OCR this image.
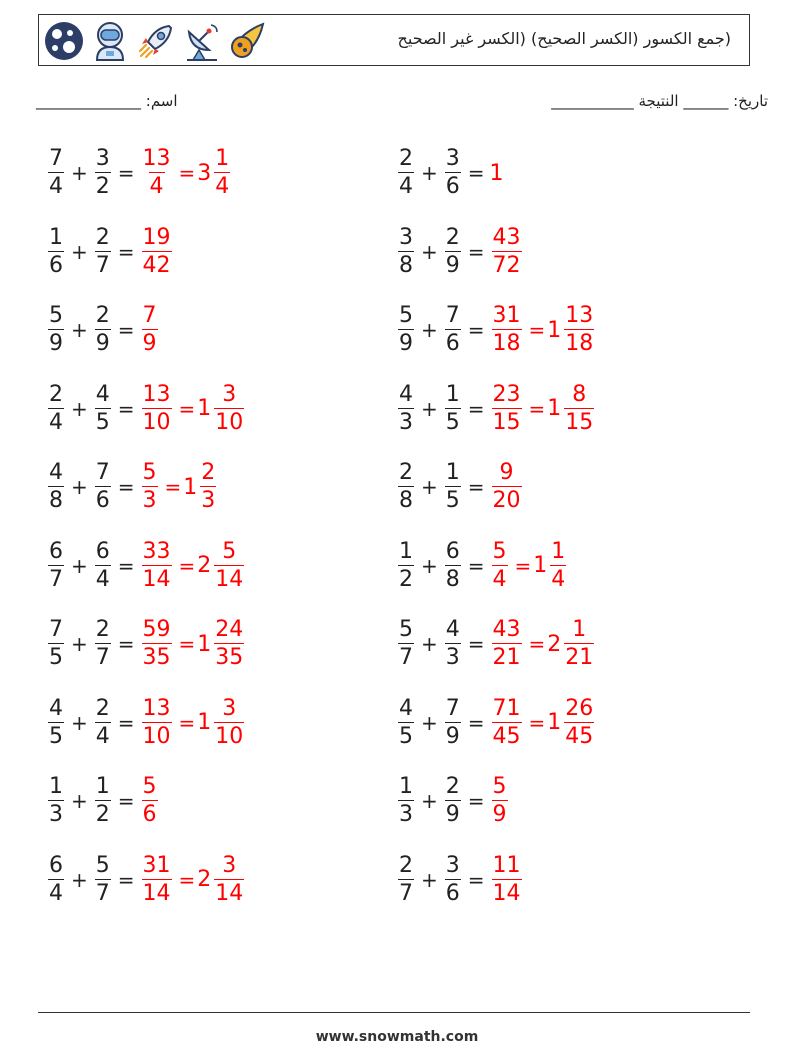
(جمع الكسور (الكسر الصحيح) (الكسر غير الصحيح
اسم: ______________	تاريخ: ______ النتيجة ___________
$\frac{7}{4} + \frac{3}{2} = \frac{13}{4} = 3 \frac{1}{4}$	$\frac{2}{4} + \frac{3}{6} = 1$
$\frac{1}{6} + \frac{2}{7} = \frac{19}{42}$	$\frac{3}{8} + \frac{2}{9} = \frac{43}{72}$
$\frac{5}{9} + \frac{2}{9} = \frac{7}{9}$	$\frac{5}{9} + \frac{7}{6} = \frac{31}{18} = 1 \frac{13}{18}$
$\frac{2}{4} + \frac{4}{5} = \frac{13}{10} = 1 \frac{3}{10}$	$\frac{4}{3} + \frac{1}{5} = \frac{23}{15} = 1 \frac{8}{15}$
$\frac{4}{8} + \frac{7}{6} = \frac{5}{3} = 1 \frac{2}{3}$	$\frac{2}{8} + \frac{1}{5} = \frac{9}{20}$
$\frac{6}{7} + \frac{6}{4} = \frac{33}{14} = 2 \frac{5}{14}$	$\frac{1}{2} + \frac{6}{8} = \frac{5}{4} = 1 \frac{1}{4}$
$\frac{7}{5} + \frac{2}{7} = \frac{59}{35} = 1 \frac{24}{35}$	$\frac{5}{7} + \frac{4}{3} = \frac{43}{21} = 2 \frac{1}{21}$
$\frac{4}{5} + \frac{2}{4} = \frac{13}{10} = 1 \frac{3}{10}$	$\frac{4}{5} + \frac{7}{9} = \frac{71}{45} = 1 \frac{26}{45}$
$\frac{1}{3} + \frac{1}{2} = \frac{5}{6}$	$\frac{1}{3} + \frac{2}{9} = \frac{5}{9}$
$\frac{6}{4} + \frac{5}{7} = \frac{31}{14} = 2 \frac{3}{14}$	$\frac{2}{7} + \frac{3}{6} = \frac{11}{14}$
www.snowmath.com
